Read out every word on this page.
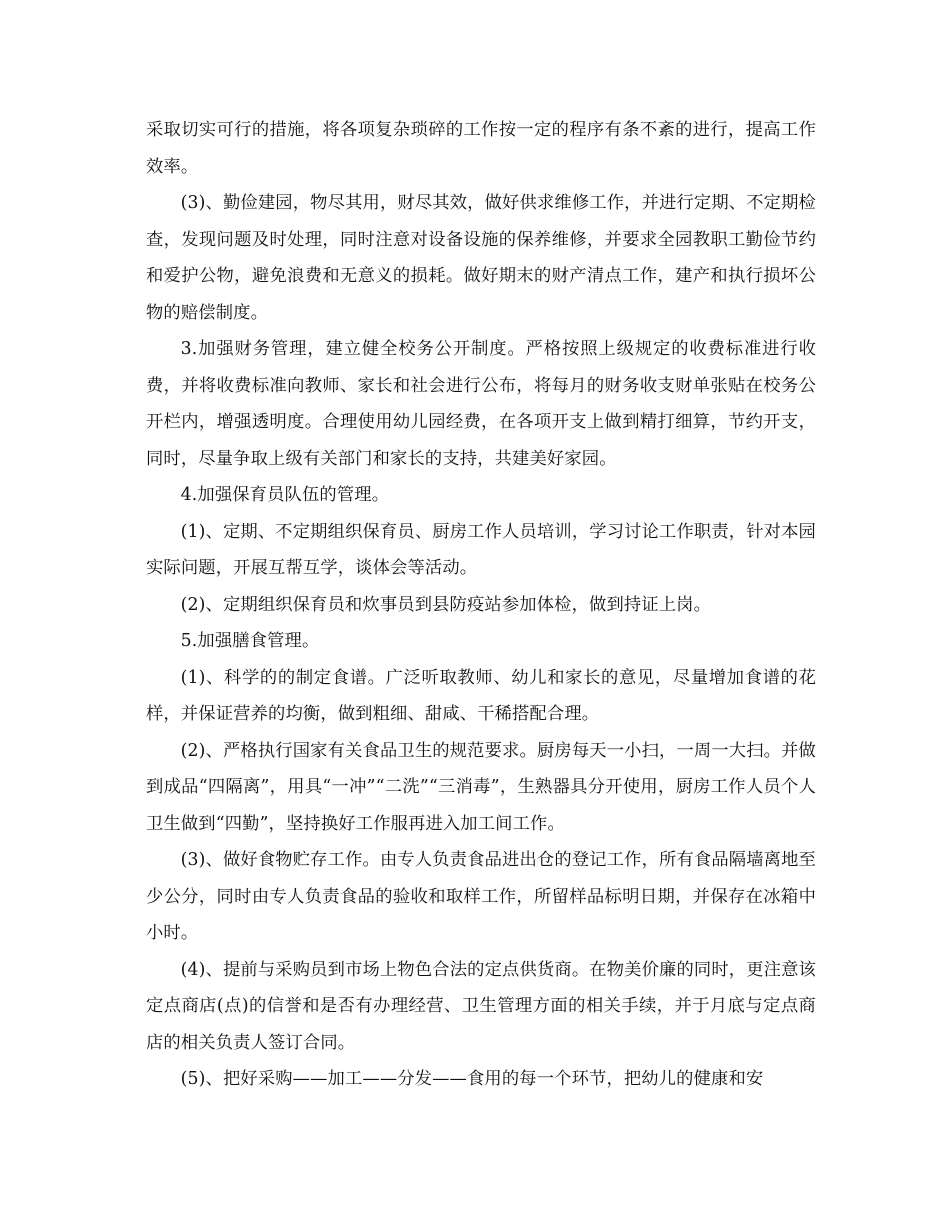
采取切实可行的措施，将各项复杂琐碎的工作按一定的程序有条不紊的进行，提高工作效率。

(3)、勤俭建园，物尽其用，财尽其效，做好供求维修工作，并进行定期、不定期检查，发现问题及时处理，同时注意对设备设施的保养维修，并要求全园教职工勤俭节约和爱护公物，避免浪费和无意义的损耗。做好期末的财产清点工作，建产和执行损坏公物的赔偿制度。

3.加强财务管理，建立健全校务公开制度。严格按照上级规定的收费标准进行收费，并将收费标准向教师、家长和社会进行公布，将每月的财务收支财单张贴在校务公开栏内，增强透明度。合理使用幼儿园经费，在各项开支上做到精打细算，节约开支，同时，尽量争取上级有关部门和家长的支持，共建美好家园。

4.加强保育员队伍的管理。

(1)、定期、不定期组织保育员、厨房工作人员培训，学习讨论工作职责，针对本园实际问题，开展互帮互学，谈体会等活动。

(2)、定期组织保育员和炊事员到县防疫站参加体检，做到持证上岗。

5.加强膳食管理。

(1)、科学的的制定食谱。广泛听取教师、幼儿和家长的意见，尽量增加食谱的花样，并保证营养的均衡，做到粗细、甜咸、干稀搭配合理。

(2)、严格执行国家有关食品卫生的规范要求。厨房每天一小扫，一周一大扫。并做到成品“四隔离”，用具“一冲”“二洗”“三消毒”，生熟器具分开使用，厨房工作人员个人卫生做到“四勤”，坚持换好工作服再进入加工间工作。

(3)、做好食物贮存工作。由专人负责食品进出仓的登记工作，所有食品隔墙离地至少公分，同时由专人负责食品的验收和取样工作，所留样品标明日期，并保存在冰箱中小时。

(4)、提前与采购员到市场上物色合法的定点供货商。在物美价廉的同时，更注意该定点商店(点)的信誉和是否有办理经营、卫生管理方面的相关手续，并于月底与定点商店的相关负责人签订合同。

(5)、把好采购——加工——分发——食用的每一个环节，把幼儿的健康和安
